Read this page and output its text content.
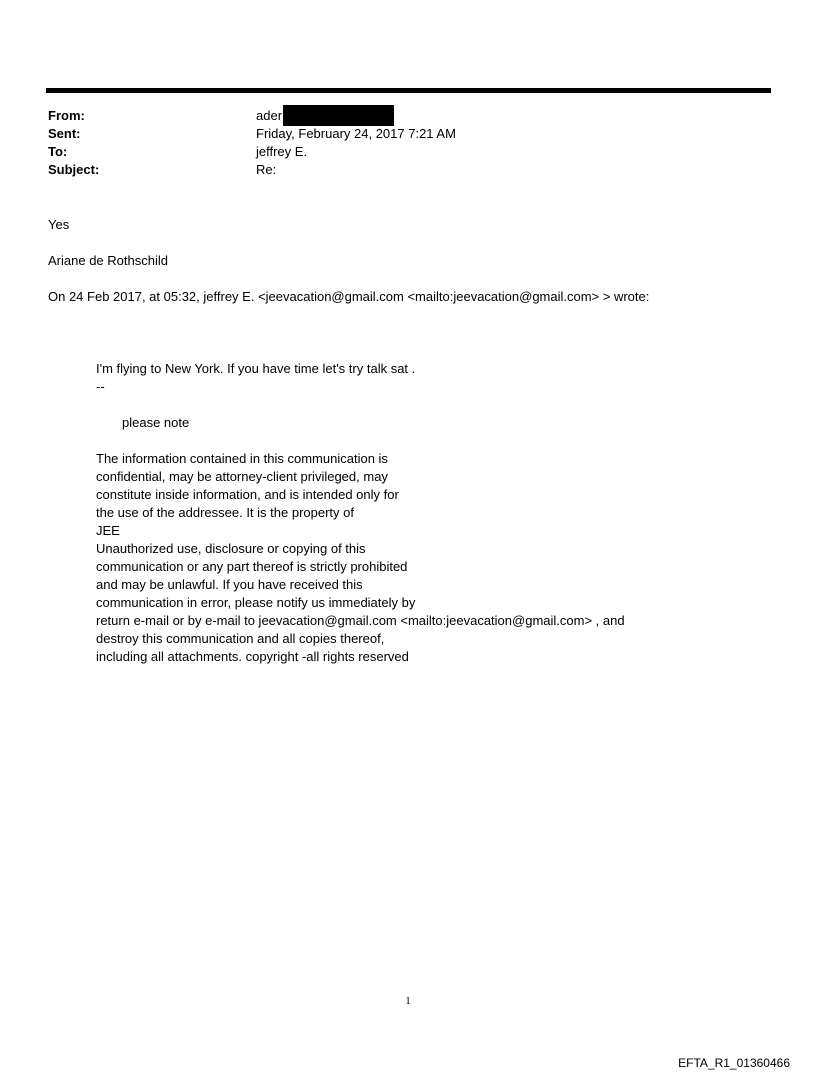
From:	ader
Sent:	Friday, February 24, 2017 7:21 AM
To:	jeffrey E.
Subject:	Re:
Yes
Ariane de Rothschild
On 24 Feb 2017, at 05:32, jeffrey E. <jeevacation@gmail.com <mailto:jeevacation@gmail.com> > wrote:
I'm flying to New York. If you have time let's try talk sat .
--
please note
The information contained in this communication is
confidential, may be attorney-client privileged, may
constitute inside information, and is intended only for
the use of the addressee. It is the property of
JEE
Unauthorized use, disclosure or copying of this
communication or any part thereof is strictly prohibited
and may be unlawful. If you have received this
communication in error, please notify us immediately by
return e-mail or by e-mail to jeevacation@gmail.com <mailto:jeevacation@gmail.com> , and
destroy this communication and all copies thereof,
including all attachments. copyright -all rights reserved
1
EFTA_R1_01360466
